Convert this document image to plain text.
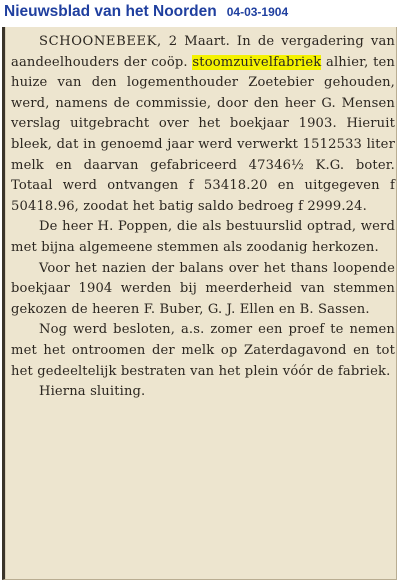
Nieuwsblad van het Noorden 04-03-1904

SCHOONEBEEK, 2 Maart. In de vergadering van aandeelhouders der coöp. stoomzuivelfabriek alhier, ten huize van den logementhouder Zoetebier gehouden, werd, namens de commissie, door den heer G. Mensen verslag uitgebracht over het boekjaar 1903. Hieruit bleek, dat in genoemd jaar werd verwerkt 1512533 liter melk en daarvan gefabriceerd 47346½ K.G. boter. Totaal werd ontvangen f 53418.20 en uitgegeven f 50418.96, zoodat het batig saldo bedroeg f 2999.24.

De heer H. Poppen, die als bestuurslid optrad, werd met bijna algemeene stemmen als zoodanig herkozen.

Voor het nazien der balans over het thans loopende boekjaar 1904 werden bij meerderheid van stemmen gekozen de heeren F. Buber, G. J. Ellen en B. Sassen.

Nog werd besloten, a.s. zomer een proef te nemen met het ontroomen der melk op Zaterdagavond en tot het gedeeltelijk bestraten van het plein vóór de fabriek.

Hierna sluiting.
